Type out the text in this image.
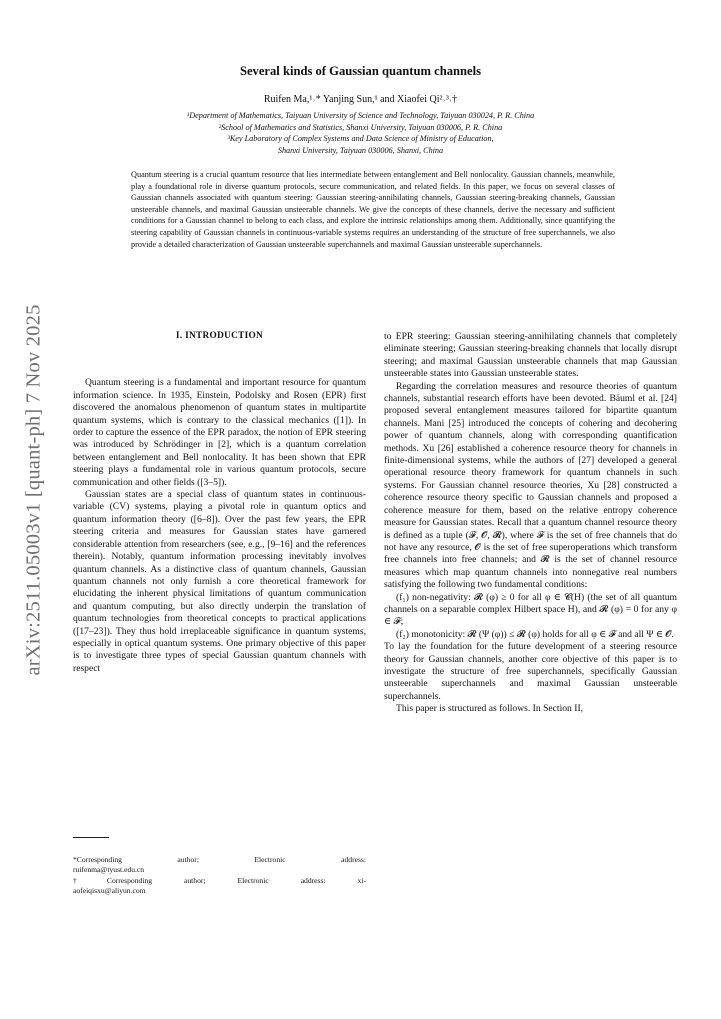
arXiv:2511.05003v1 [quant-ph] 7 Nov 2025
Several kinds of Gaussian quantum channels
Ruifen Ma,¹˒* Yanjing Sun,¹ and Xiaofei Qi²˒³˒†
¹Department of Mathematics, Taiyuan University of Science and Technology, Taiyuan 030024, P. R. China
²School of Mathematics and Statistics, Shanxi University, Taiyuan 030006, P. R. China
³Key Laboratory of Complex Systems and Data Science of Ministry of Education,
Shanxi University, Taiyuan 030006, Shanxi, China
Quantum steering is a crucial quantum resource that lies intermediate between entanglement and Bell nonlocality. Gaussian channels, meanwhile, play a foundational role in diverse quantum protocols, secure communication, and related fields. In this paper, we focus on several classes of Gaussian channels associated with quantum steering: Gaussian steering-annihilating channels, Gaussian steering-breaking channels, Gaussian unsteerable channels, and maximal Gaussian unsteerable channels. We give the concepts of these channels, derive the necessary and sufficient conditions for a Gaussian channel to belong to each class, and explore the intrinsic relationships among them. Additionally, since quantifying the steering capability of Gaussian channels in continuous-variable systems requires an understanding of the structure of free superchannels, we also provide a detailed characterization of Gaussian unsteerable superchannels and maximal Gaussian unsteerable superchannels.
I. INTRODUCTION

Quantum steering is a fundamental and important resource for quantum information science. In 1935, Einstein, Podolsky and Rosen (EPR) first discovered the anomalous phenomenon of quantum states in multipartite quantum systems, which is contrary to the classical mechanics ([1]). In order to capture the essence of the EPR paradox, the notion of EPR steering was introduced by Schrödinger in [2], which is a quantum correlation between entanglement and Bell nonlocality. It has been shown that EPR steering plays a fundamental role in various quantum protocols, secure communication and other fields ([3–5]).

Gaussian states are a special class of quantum states in continuous-variable (CV) systems, playing a pivotal role in quantum optics and quantum information theory ([6–8]). Over the past few years, the EPR steering criteria and measures for Gaussian states have garnered considerable attention from researchers (see, e.g., [9–16] and the references therein). Notably, quantum information processing inevitably involves quantum channels. As a distinctive class of quantum channels, Gaussian quantum channels not only furnish a core theoretical framework for elucidating the inherent physical limitations of quantum communication and quantum computing, but also directly underpin the translation of quantum technologies from theoretical concepts to practical applications ([17–23]). They thus hold irreplaceable significance in quantum systems, especially in optical quantum systems. One primary objective of this paper is to investigate three types of special Gaussian quantum channels with respect

*Corresponding author; Electronic address:
ruifenma@tyust.edu.cn
†Corresponding author; Electronic address: xi-
aofeiqisxu@aliyun.com

to EPR steering: Gaussian steering-annihilating channels that completely eliminate steering; Gaussian steering-breaking channels that locally disrupt steering; and maximal Gaussian unsteerable channels that map Gaussian unsteerable states into Gaussian unsteerable states.

Regarding the correlation measures and resource theories of quantum channels, substantial research efforts have been devoted. Bäuml et al. [24] proposed several entanglement measures tailored for bipartite quantum channels. Mani [25] introduced the concepts of cohering and decohering power of quantum channels, along with corresponding quantification methods. Xu [26] established a coherence resource theory for channels in finite-dimensional systems, while the authors of [27] developed a general operational resource theory framework for quantum channels in such systems. For Gaussian channel resource theories, Xu [28] constructed a coherence resource theory specific to Gaussian channels and proposed a coherence measure for them, based on the relative entropy coherence measure for Gaussian states. Recall that a quantum channel resource theory is defined as a tuple (𝓕, 𝓞, 𝓡), where 𝓕 is the set of free channels that do not have any resource, 𝓞 is the set of free superoperations which transform free channels into free channels; and 𝓡 is the set of channel resource measures which map quantum channels into nonnegative real numbers satisfying the following two fundamental conditions:

(f₁) non-negativity: 𝓡 (φ) ≥ 0 for all φ ∈ 𝓒(H) (the set of all quantum channels on a separable complex Hilbert space H), and 𝓡 (φ) = 0 for any φ ∈ 𝓕;

(f₂) monotonicity: 𝓡 (Ψ (φ)) ≤ 𝓡 (φ) holds for all φ ∈ 𝓕 and all Ψ ∈ 𝓞.

To lay the foundation for the future development of a steering resource theory for Gaussian channels, another core objective of this paper is to investigate the structure of free superchannels, specifically Gaussian unsteerable superchannels and maximal Gaussian unsteerable superchannels.

This paper is structured as follows. In Section II,
